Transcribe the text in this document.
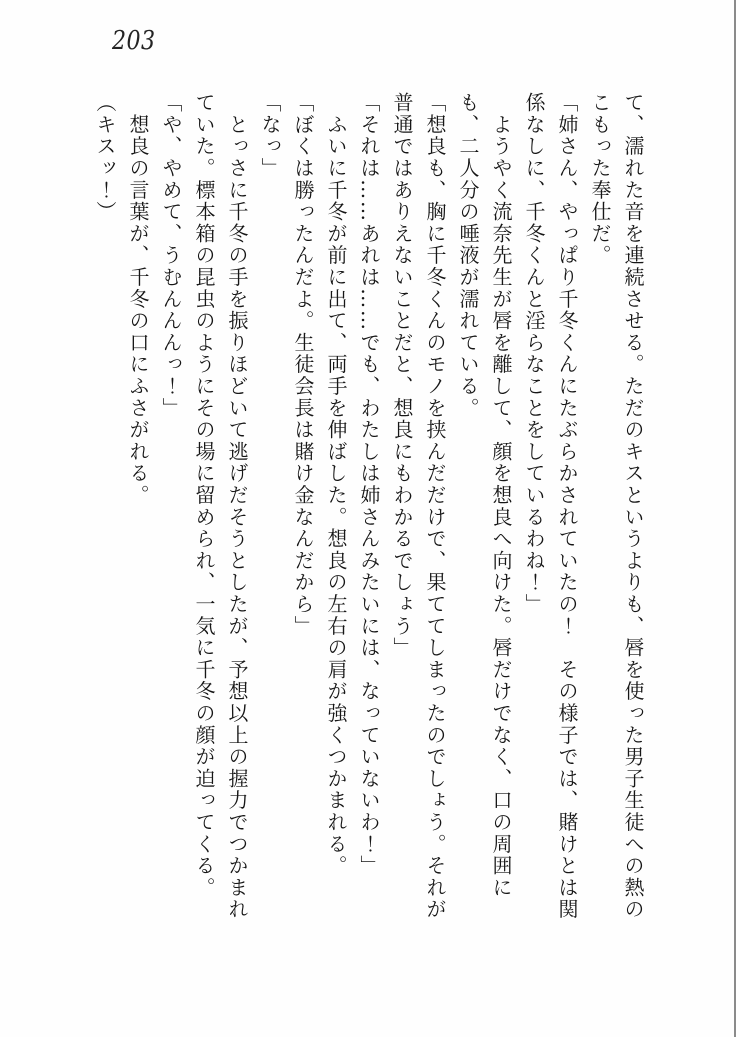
203

て、濡れた音を連続させる。ただのキスというよりも、唇を使った男子生徒への熱のこもった奉仕だ。

「姉さん、やっぱり千冬くんにたぶらかされていたの！　その様子では、賭けとは関係なしに、千冬くんと淫らなことをしているわね！」

　ようやく流奈先生が唇を離して、顔を想良へ向けた。唇だけでなく、口の周囲にも、二人分の唾液が濡れている。

「想良も、胸に千冬くんのモノを挟んだだけで、果ててしまったのでしょう。それが普通ではありえないことだと、想良にもわかるでしょう」

「それは……あれは……でも、わたしは姉さんみたいには、なっていないわ！」

　ふいに千冬が前に出て、両手を伸ばした。想良の左右の肩が強くつかまれる。

「ぼくは勝ったんだよ。生徒会長は賭け金なんだから」

「なっ」

　とっさに千冬の手を振りほどいて逃げだそうとしたが、予想以上の握力でつかまれていた。標本箱の昆虫のようにその場に留められ、一気に千冬の顔が迫ってくる。

「や、やめて、うむんんんっ！」

　想良の言葉が、千冬の口にふさがれる。

（キスッ！）
